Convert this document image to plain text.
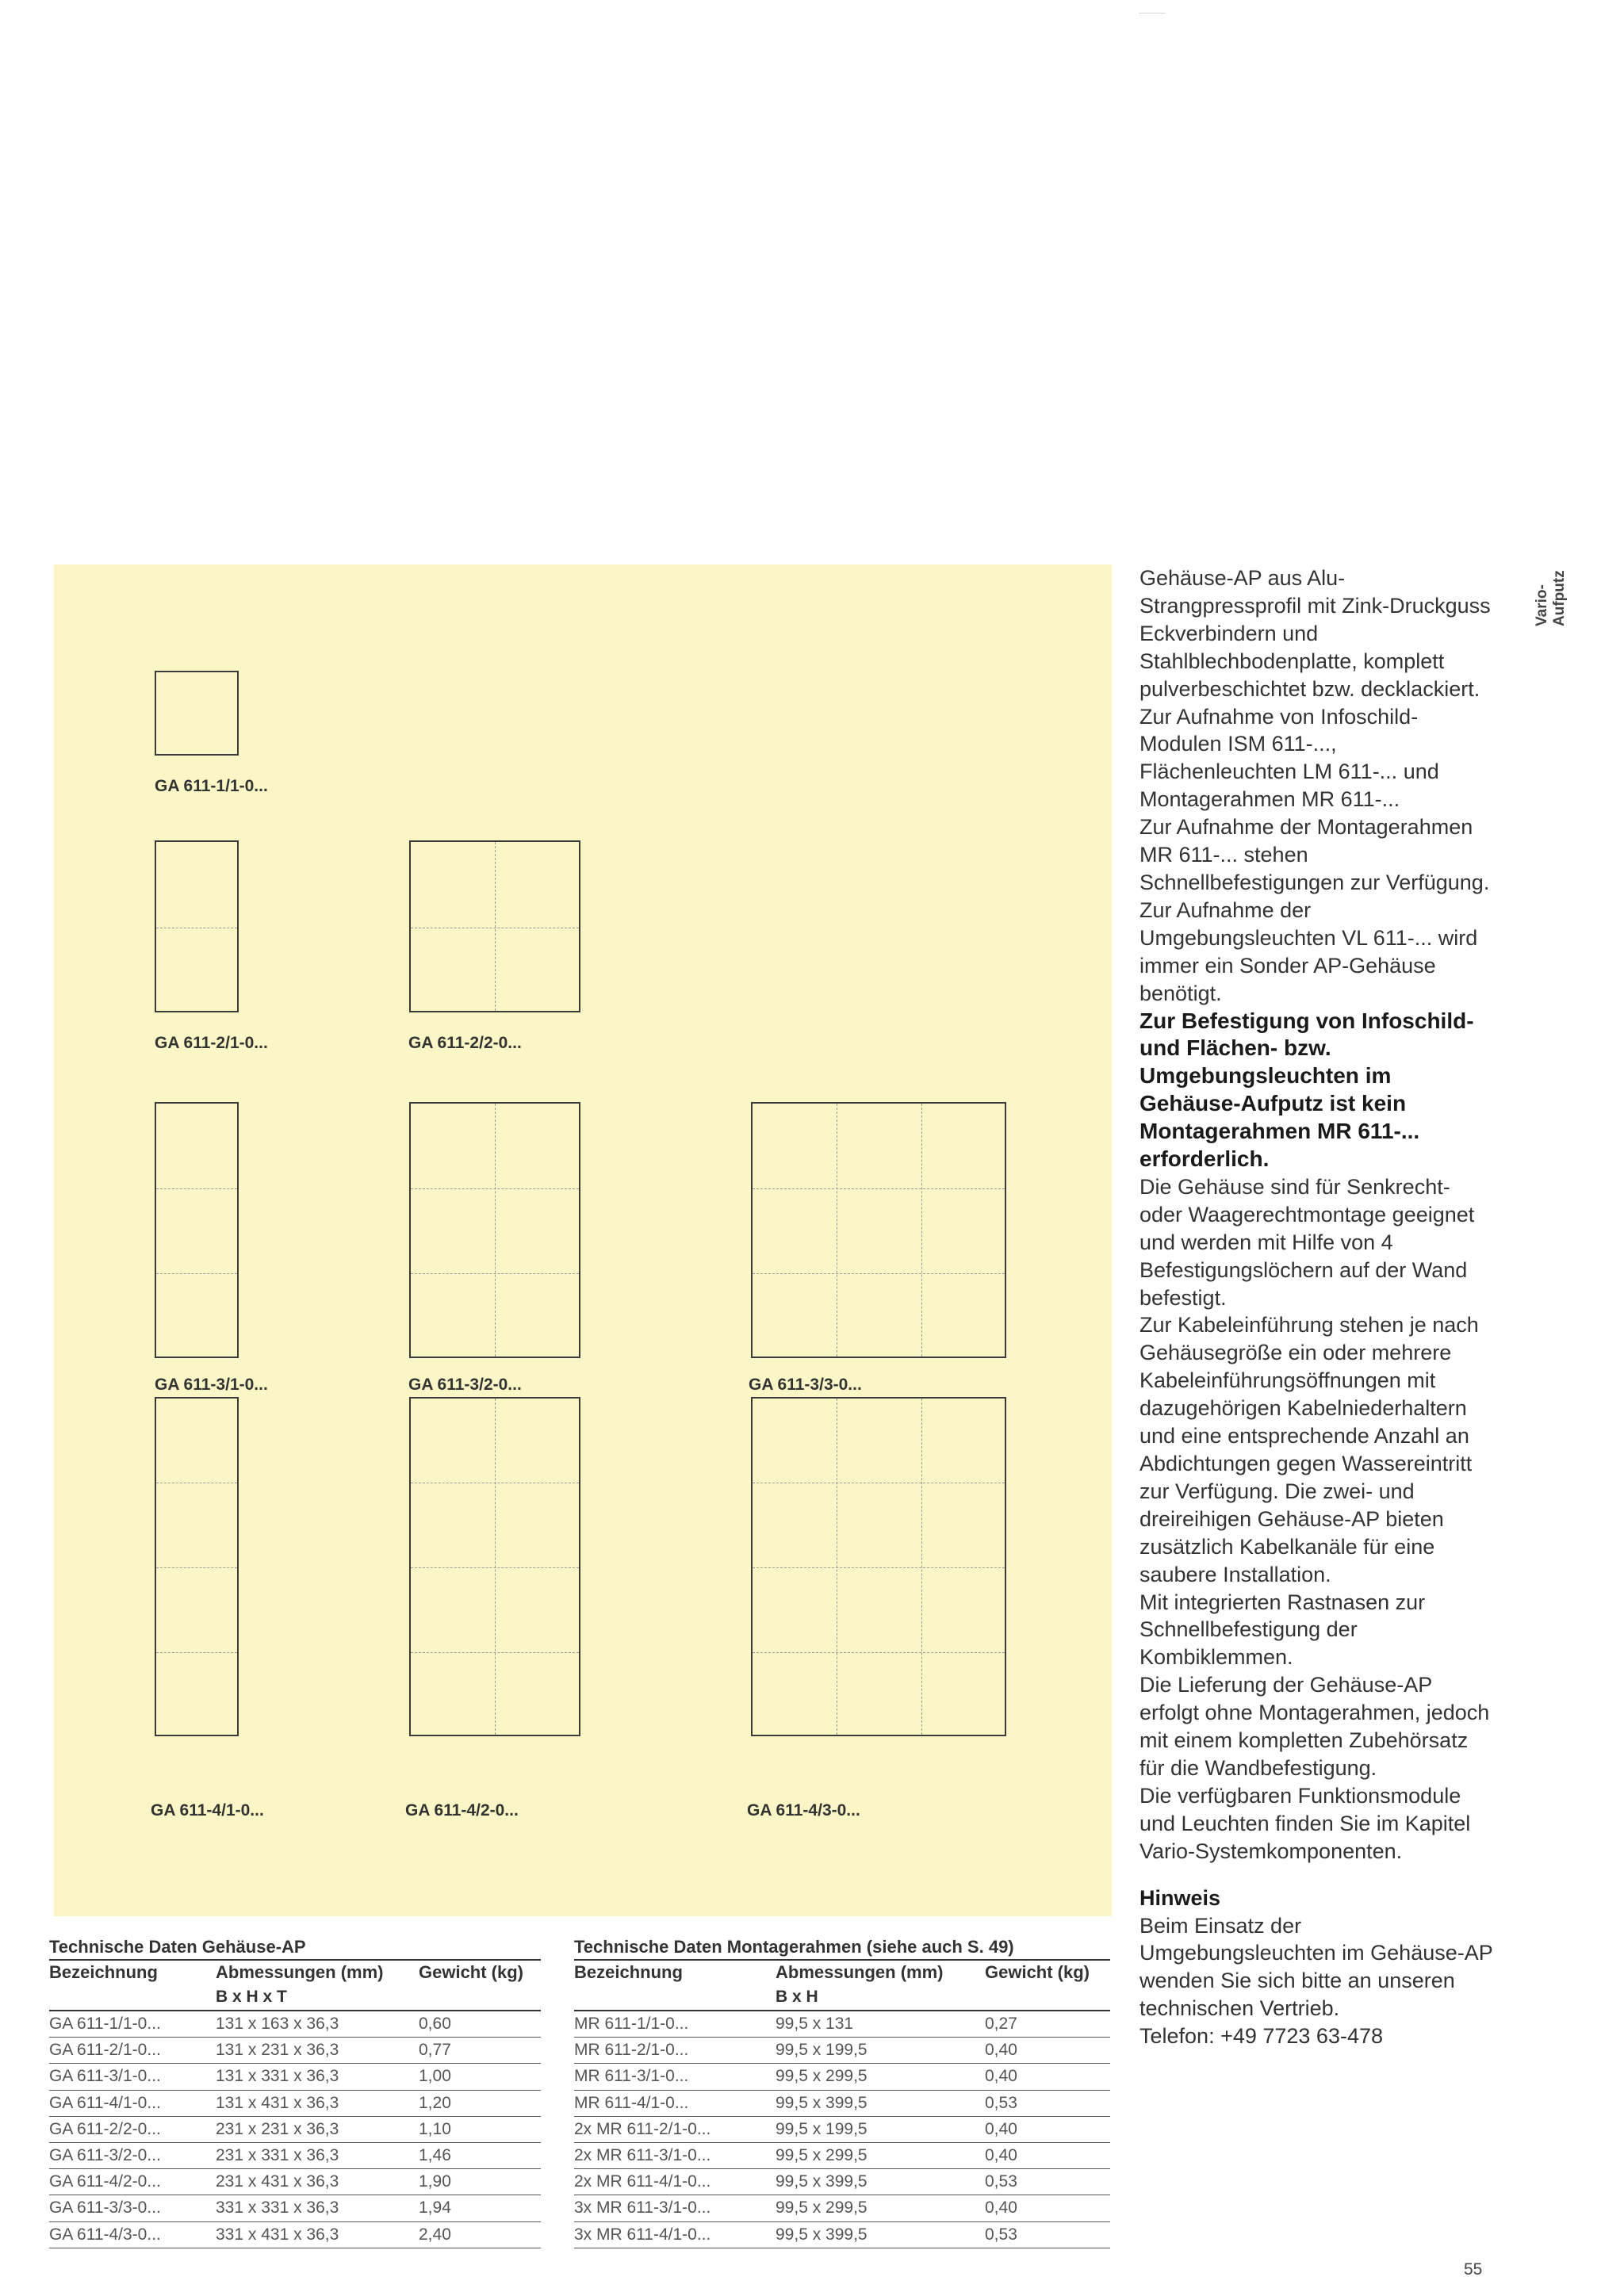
GA 611-1/1-0...
GA 611-2/1-0...	GA 611-2/2-0...
GA 611-3/1-0...	GA 611-3/2-0...	GA 611-3/3-0...
GA 611-4/1-0...	GA 611-4/2-0...	GA 611-4/3-0...

Gehäuse-AP aus Alu-Strangpressprofil mit Zink-Druckguss Eckverbindern und Stahlblechbodenplatte, komplett pulverbeschichtet bzw. decklackiert.

Zur Aufnahme von Infoschild-Modulen ISM 611-..., Flächenleuchten LM 611-... und Montagerahmen MR 611-...

Zur Aufnahme der Montagerahmen MR 611-... stehen Schnellbefestigungen zur Verfügung.

Zur Aufnahme der Umgebungsleuchten VL 611-... wird immer ein Sonder AP-Gehäuse benötigt.

Zur Befestigung von Infoschild- und Flächen- bzw. Umgebungsleuchten im Gehäuse-Aufputz ist kein Montagerahmen MR 611-... erforderlich.

Die Gehäuse sind für Senkrecht- oder Waagerechtmontage geeignet und werden mit Hilfe von 4 Befestigungslöchern auf der Wand befestigt.

Zur Kabeleinführung stehen je nach Gehäusegröße ein oder mehrere Kabeleinführungsöffnungen mit dazugehörigen Kabelniederhaltern und eine entsprechende Anzahl an Abdichtungen gegen Wassereintritt zur Verfügung. Die zwei- und dreireihigen Gehäuse-AP bieten zusätzlich Kabelkanäle für eine saubere Installation.

Mit integrierten Rastnasen zur Schnellbefestigung der Kombiklemmen.

Die Lieferung der Gehäuse-AP erfolgt ohne Montagerahmen, jedoch mit einem kompletten Zubehörsatz für die Wandbefestigung.

Die verfügbaren Funktionsmodule und Leuchten finden Sie im Kapitel Vario-Systemkomponenten.

Hinweis

Beim Einsatz der Umgebungsleuchten im Gehäuse-AP wenden Sie sich bitte an unseren technischen Vertrieb.

Telefon: +49 7723 63-478

Vario- Aufputz
Technische Daten Gehäuse-AP		
Bezeichnung	Abmessungen (mm)	Gewicht (kg)
	B x H x T	
GA 611-1/1-0...	131 x 163 x 36,3	0,60
GA 611-2/1-0...	131 x 231 x 36,3	0,77
GA 611-3/1-0...	131 x 331 x 36,3	1,00
GA 611-4/1-0...	131 x 431 x 36,3	1,20
GA 611-2/2-0...	231 x 231 x 36,3	1,10
GA 611-3/2-0...	231 x 331 x 36,3	1,46
GA 611-4/2-0...	231 x 431 x 36,3	1,90
GA 611-3/3-0...	331 x 331 x 36,3	1,94
GA 611-4/3-0...	331 x 431 x 36,3	2,40
Technische Daten Montagerahmen (siehe auch S. 49)		
Bezeichnung	Abmessungen (mm)	Gewicht (kg)
	B x H	
MR 611-1/1-0...	99,5 x 131	0,27
MR 611-2/1-0...	99,5 x 199,5	0,40
MR 611-3/1-0...	99,5 x 299,5	0,40
MR 611-4/1-0...	99,5 x 399,5	0,53
2x MR 611-2/1-0...	99,5 x 199,5	0,40
2x MR 611-3/1-0...	99,5 x 299,5	0,40
2x MR 611-4/1-0...	99,5 x 399,5	0,53
3x MR 611-3/1-0...	99,5 x 299,5	0,40
3x MR 611-4/1-0...	99,5 x 399,5	0,53
55
